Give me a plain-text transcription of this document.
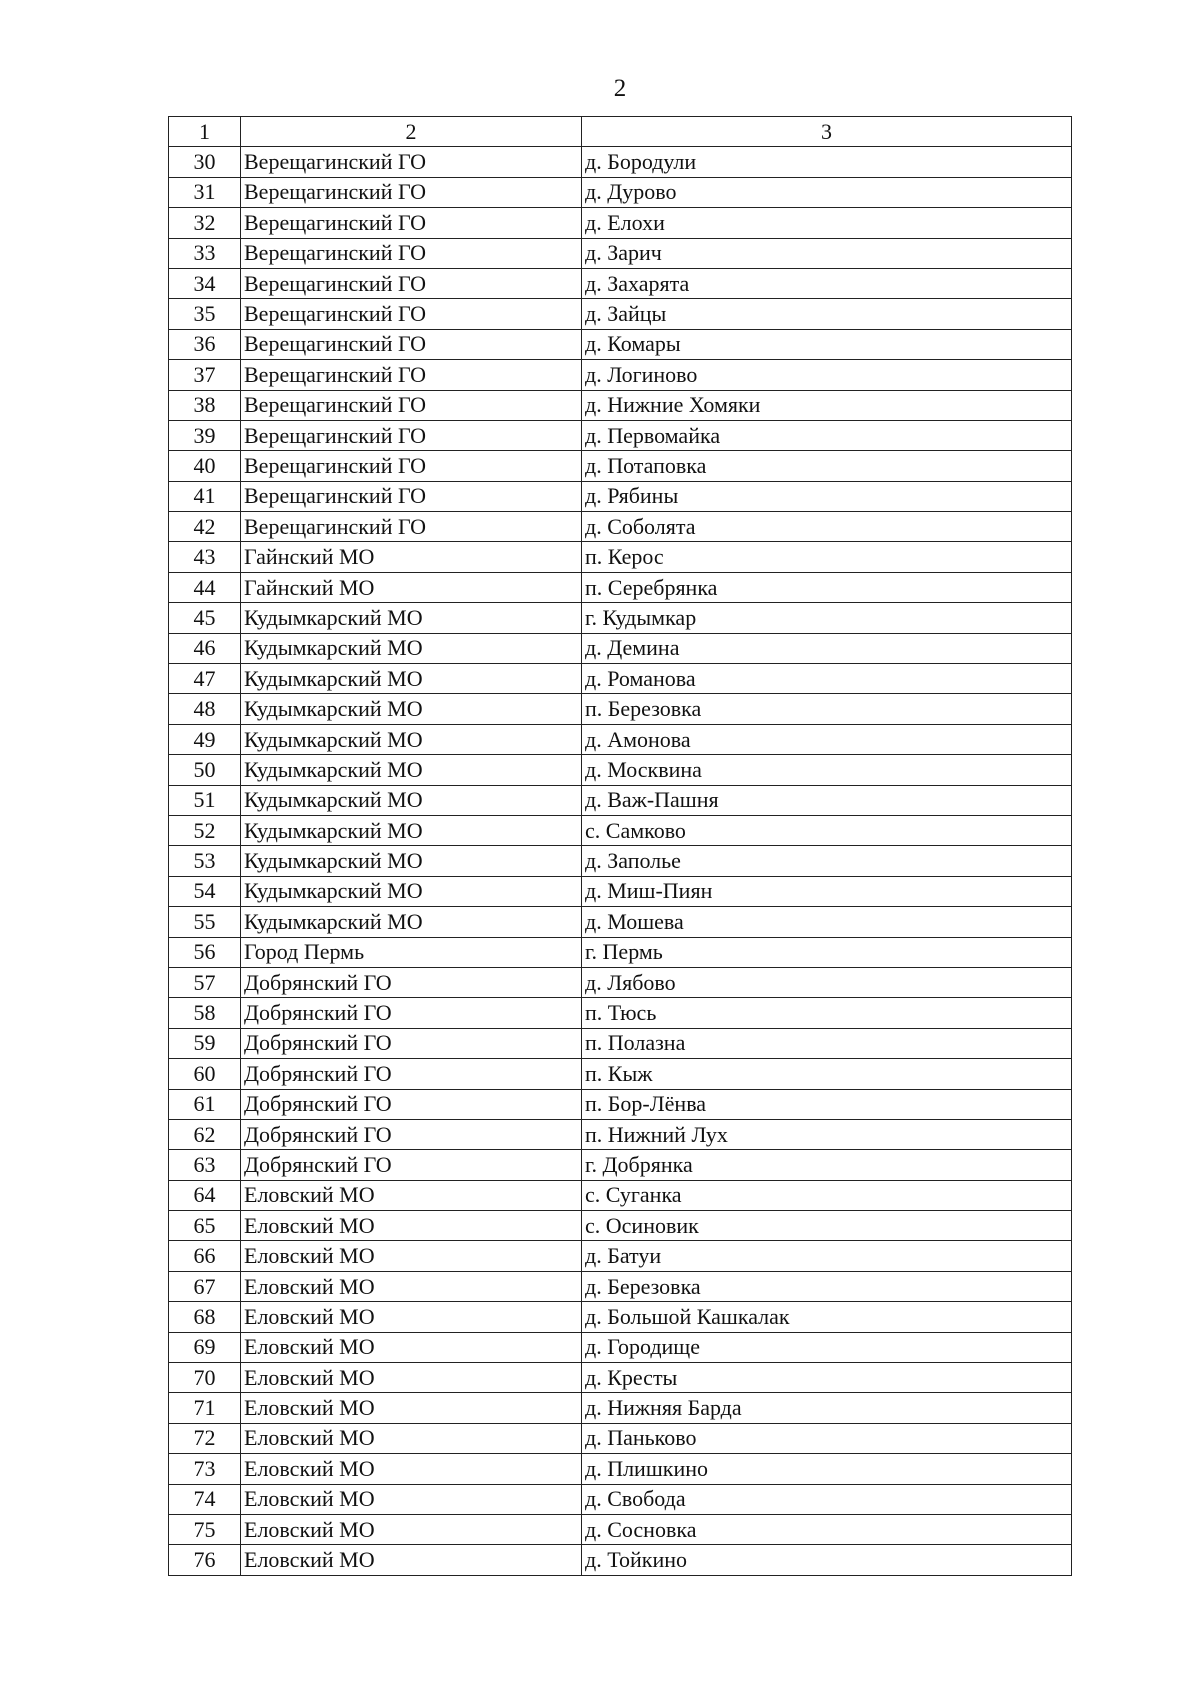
2
1	2	3
30	Верещагинский ГО	д. Бородули
31	Верещагинский ГО	д. Дурово
32	Верещагинский ГО	д. Елохи
33	Верещагинский ГО	д. Зарич
34	Верещагинский ГО	д. Захарята
35	Верещагинский ГО	д. Зайцы
36	Верещагинский ГО	д. Комары
37	Верещагинский ГО	д. Логиново
38	Верещагинский ГО	д. Нижние Хомяки
39	Верещагинский ГО	д. Первомайка
40	Верещагинский ГО	д. Потаповка
41	Верещагинский ГО	д. Рябины
42	Верещагинский ГО	д. Соболята
43	Гайнский МО	п. Керос
44	Гайнский МО	п. Серебрянка
45	Кудымкарский МО	г. Кудымкар
46	Кудымкарский МО	д. Демина
47	Кудымкарский МО	д. Романова
48	Кудымкарский МО	п. Березовка
49	Кудымкарский МО	д. Амонова
50	Кудымкарский МО	д. Москвина
51	Кудымкарский МО	д. Важ-Пашня
52	Кудымкарский МО	с. Самково
53	Кудымкарский МО	д. Заполье
54	Кудымкарский МО	д. Миш-Пиян
55	Кудымкарский МО	д. Мошева
56	Город Пермь	г. Пермь
57	Добрянский ГО	д. Лябово
58	Добрянский ГО	п. Тюсь
59	Добрянский ГО	п. Полазна
60	Добрянский ГО	п. Кыж
61	Добрянский ГО	п. Бор-Лёнва
62	Добрянский ГО	п. Нижний Лух
63	Добрянский ГО	г. Добрянка
64	Еловский МО	с. Суганка
65	Еловский МО	с. Осиновик
66	Еловский МО	д. Батуи
67	Еловский МО	д. Березовка
68	Еловский МО	д. Большой Кашкалак
69	Еловский МО	д. Городище
70	Еловский МО	д. Кресты
71	Еловский МО	д. Нижняя Барда
72	Еловский МО	д. Паньково
73	Еловский МО	д. Плишкино
74	Еловский МО	д. Свобода
75	Еловский МО	д. Сосновка
76	Еловский МО	д. Тойкино
